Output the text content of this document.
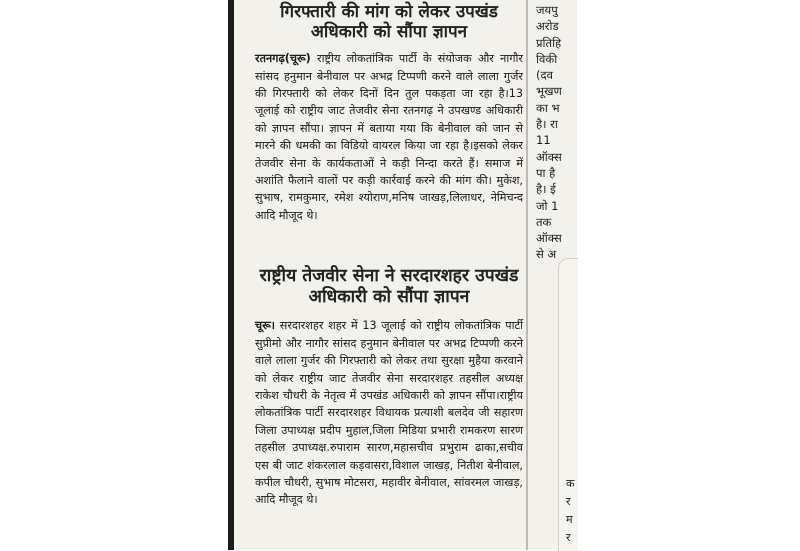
गिरफ्तारी की मांग को लेकर उपखंड अधिकारी को सौंपा ज्ञापन

रतनगढ़(चूरू) राष्ट्रीय लोकतांत्रिक पार्टी के संयोजक और नागौर सांसद हनुमान बेनीवाल पर अभद्र टिप्पणी करने वाले लाला गुर्जर की गिरफ्तारी को लेकर दिनों दिन तुल पकड़ता जा रहा है।13 जूलाई को राष्ट्रीय जाट तेजवीर सेना रतनगढ़ ने उपखण्ड अधिकारी को ज्ञापन सौंपा। ज्ञापन में बताया गया कि बेनीवाल को जान से मारने की धमकी का विडियो वायरल किया जा रहा है।इसको लेकर तेजवीर सेना के कार्यकताओं ने कड़ी निन्दा करते हैं। समाज में अशांति फैलाने वालों पर कड़ी कार्रवाई करने की मांग की। मुकेश, सुभाष, रामकुमार, रमेश श्योराण,मनिष जाखड़,लिलाधर, नेमिचन्द आदि मौजूद थे।

राष्ट्रीय तेजवीर सेना ने सरदारशहर उपखंड अधिकारी को सौंपा ज्ञापन

चूरू। सरदारशहर शहर में 13 जूलाई को राष्ट्रीय लोकतांत्रिक पार्टी सुप्रीमो और नागौर सांसद हनुमान बेनीवाल पर अभद्र टिप्पणी करने वाले लाला गुर्जर की गिरफ्तारी को लेकर तथा सुरक्षा मुहैया करवाने को लेकर राष्ट्रीय जाट तेजवीर सेना सरदारशहर तहसील अध्यक्ष राकेश चौधरी के नेतृत्व में उपखंड अधिकारी को ज्ञापन सौंपा।राष्ट्रीय लोकतांत्रिक पार्टी सरदारशहर विधायक प्रत्याशी बलदेव जी सहारण जिला उपाध्यक्ष प्रदीप मुहाल,जिला मिडिया प्रभारी रामकरण सारण तहसील उपाध्यक्ष.रुपाराम सारण,महासचीव प्रभुराम ढाका,सचीव एस बी जाट शंकरलाल कड़वासरा,विशाल जाखड़, नितीश बेनीवाल, कपील चौधरी, सुभाष मोटसरा, महावीर बेनीवाल, सांवरमल जाखड़, आदि मौजूद थे।

जयपु
अरोड
प्रतिहि
विकी
(दव
भूखण
का भ
है। रा
11
ऑक्स
पा है
है। ई
जो 1
तक
ऑक्स
से अ
क
र
म
र
